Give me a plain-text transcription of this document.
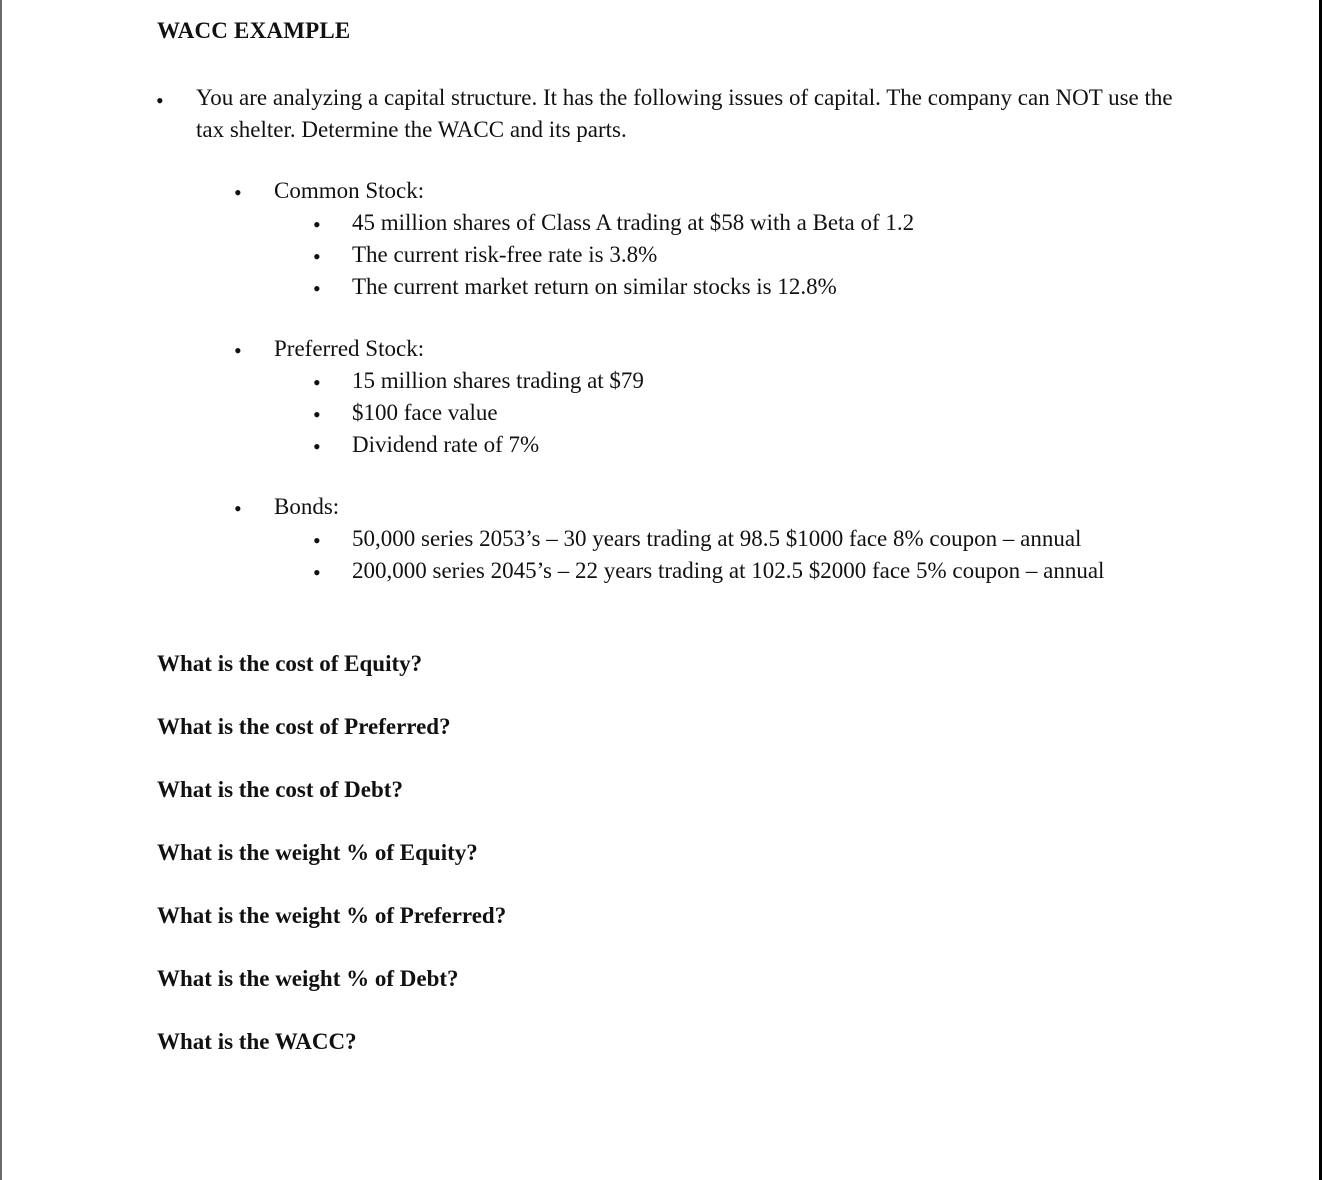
WACC EXAMPLE
• You are analyzing a capital structure. It has the following issues of capital. The company can NOT use the tax shelter. Determine the WACC and its parts.
• Common Stock:
• 45 million shares of Class A trading at $58 with a Beta of 1.2
• The current risk-free rate is 3.8%
• The current market return on similar stocks is 12.8%
• Preferred Stock:
• 15 million shares trading at $79
• $100 face value
• Dividend rate of 7%
• Bonds:
• 50,000 series 2053’s – 30 years trading at 98.5 $1000 face 8% coupon – annual
• 200,000 series 2045’s – 22 years trading at 102.5 $2000 face 5% coupon – annual
What is the cost of Equity?
What is the cost of Preferred?
What is the cost of Debt?
What is the weight % of Equity?
What is the weight % of Preferred?
What is the weight % of Debt?
What is the WACC?
